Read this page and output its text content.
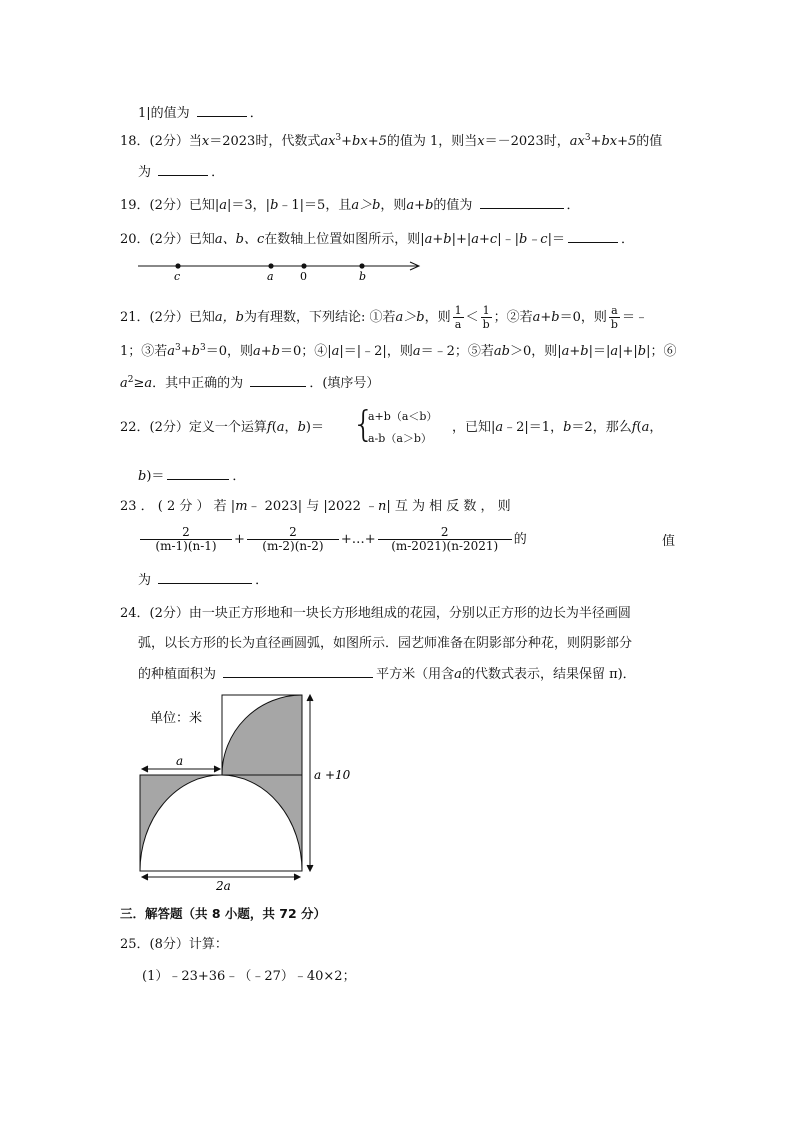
1|的值为	．
18．(2分）当x＝2023时，代数式$ax^3+bx+5$的值为 1，则当x＝－2023时，$ax^3+bx+5$的值
为	．
19．(2分）已知|a|＝3，|b﹣1|＝5，且a＞b，则a+b的值为	．
20．(2分）已知a、b、c在数轴上位置如图所示，则|a+b|+|a+c|﹣|b﹣c|＝	．
c	a 0	b
21．(2分）已知a，b为有理数，下列结论: ①若a＞b，则 $\frac{1}{a} < \frac{1}{b}$ ；②若a+b＝0，则 $\frac{a}{b}$ ＝﹣
1；③若$a^3+b^3=0$，则a+b＝0；④|a|＝|﹣2|，则a＝﹣2；⑤若ab＞0，则|a+b|＝|a|+|b|；⑥
$a^2\ge a$．其中正确的为	．(填序号）
22．(2分）定义一个运算f(a，b)＝ {
a+b（a＜b）
a-b（a＞b）
，已知|a﹣2|＝1，b＝2，那么f(a，
b)＝	．
23 ． ( 2 分 ） 若 |m﹣ 2023| 与 |2022 ﹣n| 互 为 相 反 数 ， 则
$\frac{2}{(m-1)(n-1)} + \frac{2}{(m-2)(n-2)}$ +…+ $\frac{2}{(m-2021)(n-2021)}$ 的	值
为	．
24．(2分）由一块正方形地和一块长方形地组成的花园，分别以正方形的边长为半径画圆
弧，以长方形的长为直径画圆弧，如图所示．园艺师准备在阴影部分种花，则阴影部分
的种植面积为	平方米（用含a的代数式表示，结果保留 π)．
单位：米
a
a +10
2a
三．解答题（共 8 小题，共 72 分）
25．(8分）计算：
(1）﹣23+36﹣（﹣27）﹣40×2；
